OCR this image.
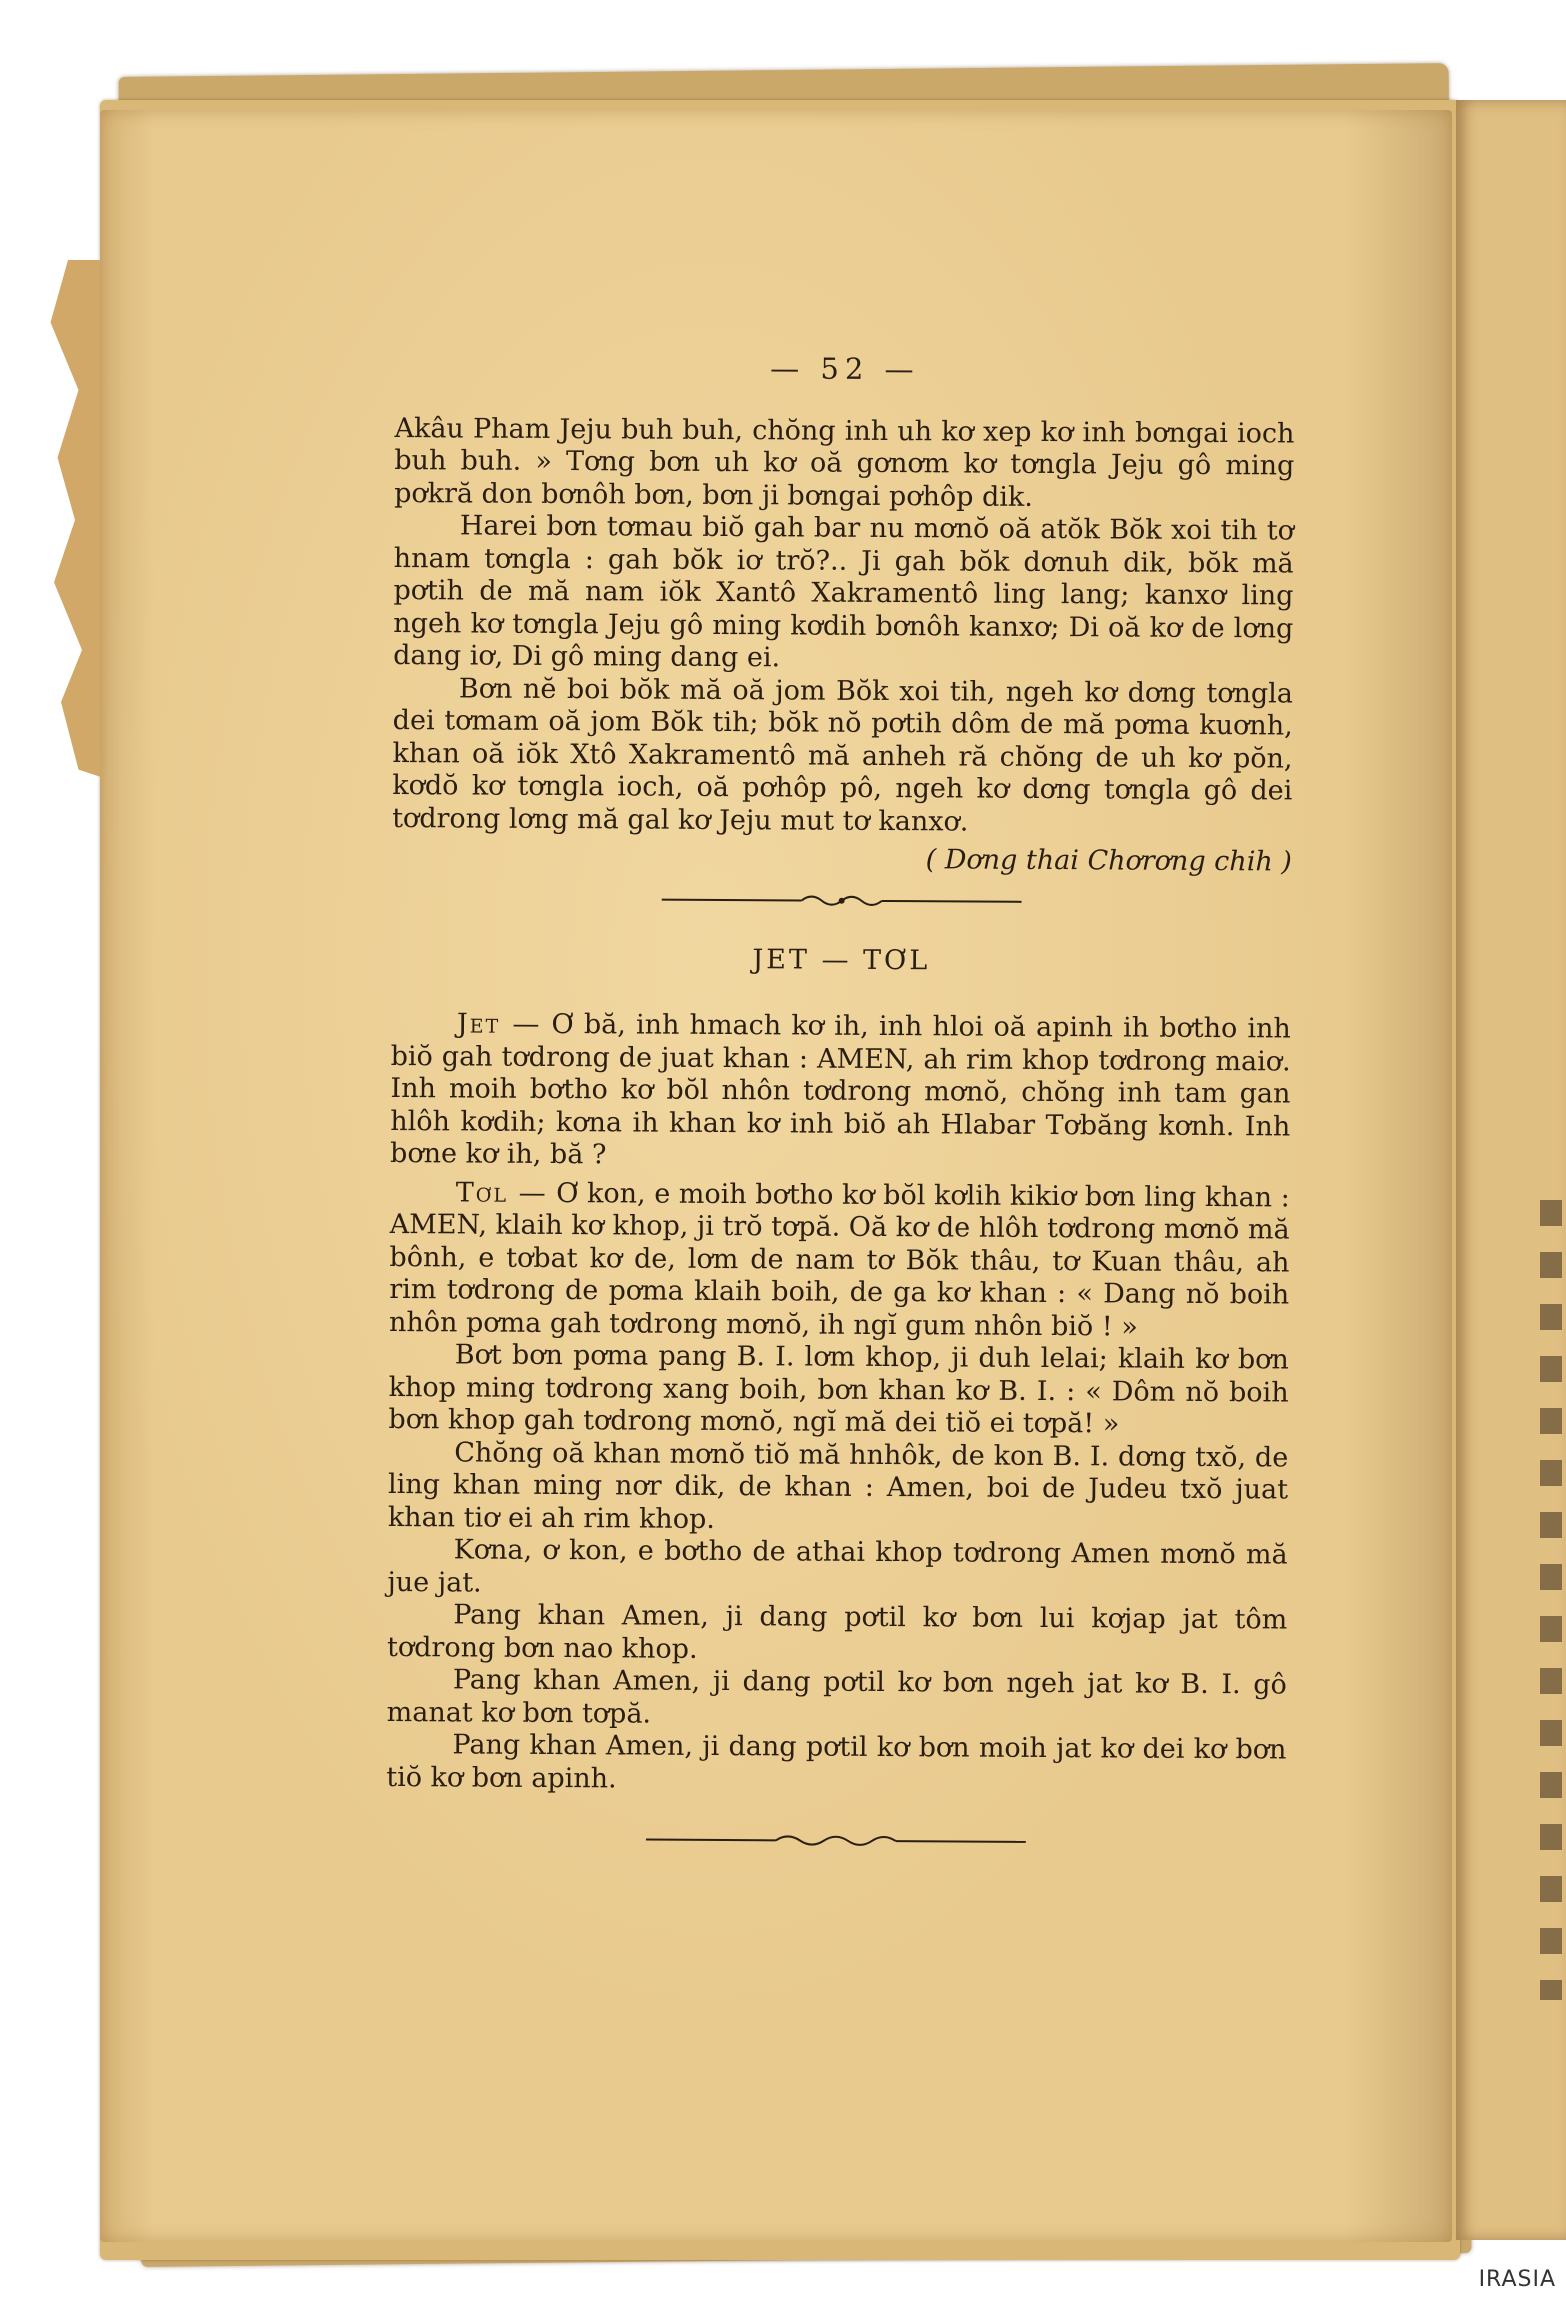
— 52 —

Akâu Pham Jeju buh buh, chŏng inh uh kơ xep kơ inh bơngai ioch buh buh. » Tơng bơn uh kơ oă gơnơm kơ tơngla Jeju gô ming pơkră don bơnôh bơn, bơn ji bơngai pơhôp dik.

Harei bơn tơmau biŏ gah bar nu mơnŏ oă atŏk Bŏk xoi tih tơ hnam tơngla : gah bŏk iơ trŏ?.. Ji gah bŏk dơnuh dik, bŏk mă pơtih de mă nam iŏk Xantô Xakramentô ling lang; kanxơ ling ngeh kơ tơngla Jeju gô ming kơdih bơnôh kanxơ; Di oă kơ de lơng dang iơ, Di gô ming dang ei.

Bơn nĕ boi bŏk mă oă jom Bŏk xoi tih, ngeh kơ dơng tơngla dei tơmam oă jom Bŏk tih; bŏk nŏ pơtih dôm de mă pơma kuơnh, khan oă iŏk Xtô Xakramentô mă anheh ră chŏng de uh kơ pŏn, kơdŏ kơ tơngla ioch, oă pơhôp pô, ngeh kơ dơng tơngla gô dei tơdrong lơng mă gal kơ Jeju mut tơ kanxơ.

( Dơng thai Chơrơng chih )
JET — TƠL

Jet — Ơ bă, inh hmach kơ ih, inh hloi oă apinh ih bơtho inh biŏ gah tơdrong de juat khan : AMEN, ah rim khop tơdrong maiơ. Inh moih bơtho kơ bŏl nhôn tơdrong mơnŏ, chŏng inh tam gan hlôh kơdih; kơna ih khan kơ inh biŏ ah Hlabar Tơbăng kơnh. Inh bơne kơ ih, bă ?

Tơl — Ơ kon, e moih bơtho kơ bŏl kơlih kikiơ bơn ling khan : AMEN, klaih kơ khop, ji trŏ tơpă. Oă kơ de hlôh tơdrong mơnŏ mă bônh, e tơbat kơ de, lơm de nam tơ Bŏk thâu, tơ Kuan thâu, ah rim tơdrong de pơma klaih boih, de ga kơ khan : « Dang nŏ boih nhôn pơma gah tơdrong mơnŏ, ih ngĭ gum nhôn biŏ ! »

Bơt bơn pơma pang B. I. lơm khop, ji duh lelai; klaih kơ bơn khop ming tơdrong xang boih, bơn khan kơ B. I. : « Dôm nŏ boih bơn khop gah tơdrong mơnŏ, ngĭ mă dei tiŏ ei tơpă! »

Chŏng oă khan mơnŏ tiŏ mă hnhôk, de kon B. I. dơng txŏ, de ling khan ming nơr dik, de khan : Amen, boi de Judeu txŏ juat khan tiơ ei ah rim khop.

Kơna, ơ kon, e bơtho de athai khop tơdrong Amen mơnŏ mă jue jat.

Pang khan Amen, ji dang pơtil kơ bơn lui kơjap jat tôm tơdrong bơn nao khop.

Pang khan Amen, ji dang pơtil kơ bơn ngeh jat kơ B. I. gô manat kơ bơn tơpă.

Pang khan Amen, ji dang pơtil kơ bơn moih jat kơ dei kơ bơn tiŏ kơ bơn apinh.

IRASIA
